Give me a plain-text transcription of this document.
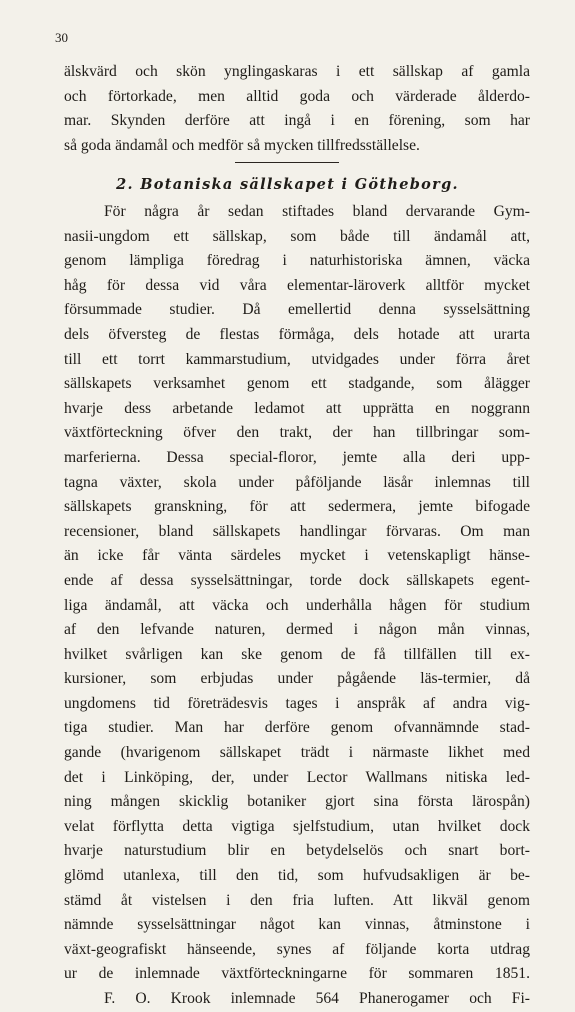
30
älskvärd och skön ynglingaskaras i ett sällskap af gamla
och förtorkade, men alltid goda och värderade ålderdo-
mar. Skynden derföre att ingå i en förening, som har
så goda ändamål och medför så mycken tillfredsställelse.
2. Botaniska sällskapet i Götheborg.
För några år sedan stiftades bland dervarande Gym-
nasii-ungdom ett sällskap, som både till ändamål att,
genom lämpliga föredrag i naturhistoriska ämnen, väcka
håg för dessa vid våra elementar-läroverk alltför mycket
försummade studier. Då emellertid denna sysselsättning
dels öfversteg de flestas förmåga, dels hotade att urarta
till ett torrt kammarstudium, utvidgades under förra året
sällskapets verksamhet genom ett stadgande, som ålägger
hvarje dess arbetande ledamot att upprätta en noggrann
växtförteckning öfver den trakt, der han tillbringar som-
marferierna. Dessa special-floror, jemte alla deri upp-
tagna växter, skola under påföljande läsår inlemnas till
sällskapets granskning, för att sedermera, jemte bifogade
recensioner, bland sällskapets handlingar förvaras. Om man
än icke får vänta särdeles mycket i vetenskapligt hänse-
ende af dessa sysselsättningar, torde dock sällskapets egent-
liga ändamål, att väcka och underhålla hågen för studium
af den lefvande naturen, dermed i någon mån vinnas,
hvilket svårligen kan ske genom de få tillfällen till ex-
kursioner, som erbjudas under pågående läs-termier, då
ungdomens tid företrädesvis tages i anspråk af andra vig-
tiga studier. Man har derföre genom ofvannämnde stad-
gande (hvarigenom sällskapet trädt i närmaste likhet med
det i Linköping, der, under Lector Wallmans nitiska led-
ning mången skicklig botaniker gjort sina första lärospån)
velat förflytta detta vigtiga sjelfstudium, utan hvilket dock
hvarje naturstudium blir en betydelselös och snart bort-
glömd utanlexa, till den tid, som hufvudsakligen är be-
stämd åt vistelsen i den fria luften. Att likväl genom
nämnde sysselsättningar något kan vinnas, åtminstone i
växt-geografiskt hänseende, synes af följande korta utdrag
ur de inlemnade växtförteckningarne för sommaren 1851.
F. O. Krook inlemnade 564 Phanerogamer och Fi-
